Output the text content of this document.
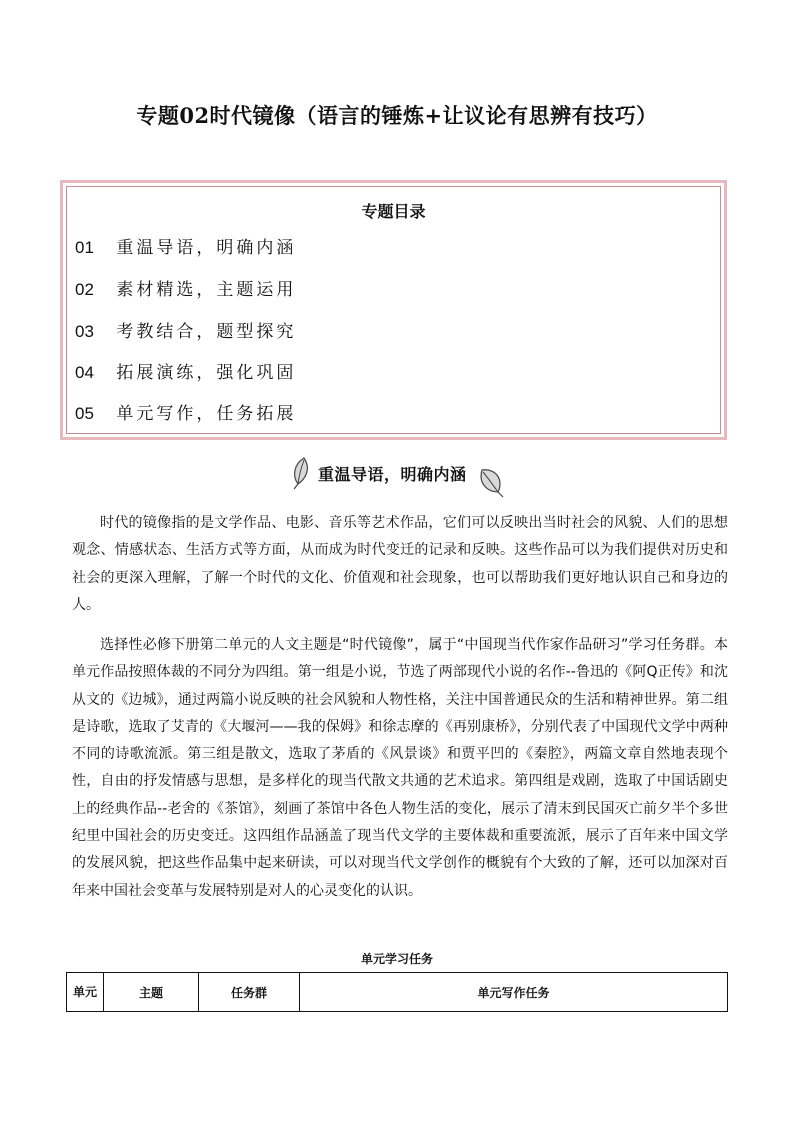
专题02时代镜像（语言的锤炼+让议论有思辨有技巧）
专题目录
01 重温导语，明确内涵
02 素材精选，主题运用
03 考教结合，题型探究
04 拓展演练，强化巩固
05 单元写作，任务拓展
重温导语，明确内涵

时代的镜像指的是文学作品、电影、音乐等艺术作品，它们可以反映出当时社会的风貌、人们的思想观念、情感状态、生活方式等方面，从而成为时代变迁的记录和反映。这些作品可以为我们提供对历史和社会的更深入理解，了解一个时代的文化、价值观和社会现象，也可以帮助我们更好地认识自己和身边的人。

选择性必修下册第二单元的人文主题是“时代镜像”，属于“中国现当代作家作品研习”学习任务群。本单元作品按照体裁的不同分为四组。第一组是小说，节选了两部现代小说的名作--鲁迅的《阿Q正传》和沈从文的《边城》，通过两篇小说反映的社会风貌和人物性格，关注中国普通民众的生活和精神世界。第二组是诗歌，选取了艾青的《大堰河——我的保姆》和徐志摩的《再别康桥》，分别代表了中国现代文学中两种不同的诗歌流派。第三组是散文，选取了茅盾的《风景谈》和贾平凹的《秦腔》，两篇文章自然地表现个性，自由的抒发情感与思想，是多样化的现当代散文共通的艺术追求。第四组是戏剧，选取了中国话剧史上的经典作品--老舍的《茶馆》，刻画了茶馆中各色人物生活的变化，展示了清末到民国灭亡前夕半个多世纪里中国社会的历史变迁。这四组作品涵盖了现当代文学的主要体裁和重要流派，展示了百年来中国文学的发展风貌，把这些作品集中起来研读，可以对现当代文学创作的概貌有个大致的了解，还可以加深对百年来中国社会变革与发展特别是对人的心灵变化的认识。

单元学习任务
单元	主题	任务群	单元写作任务
